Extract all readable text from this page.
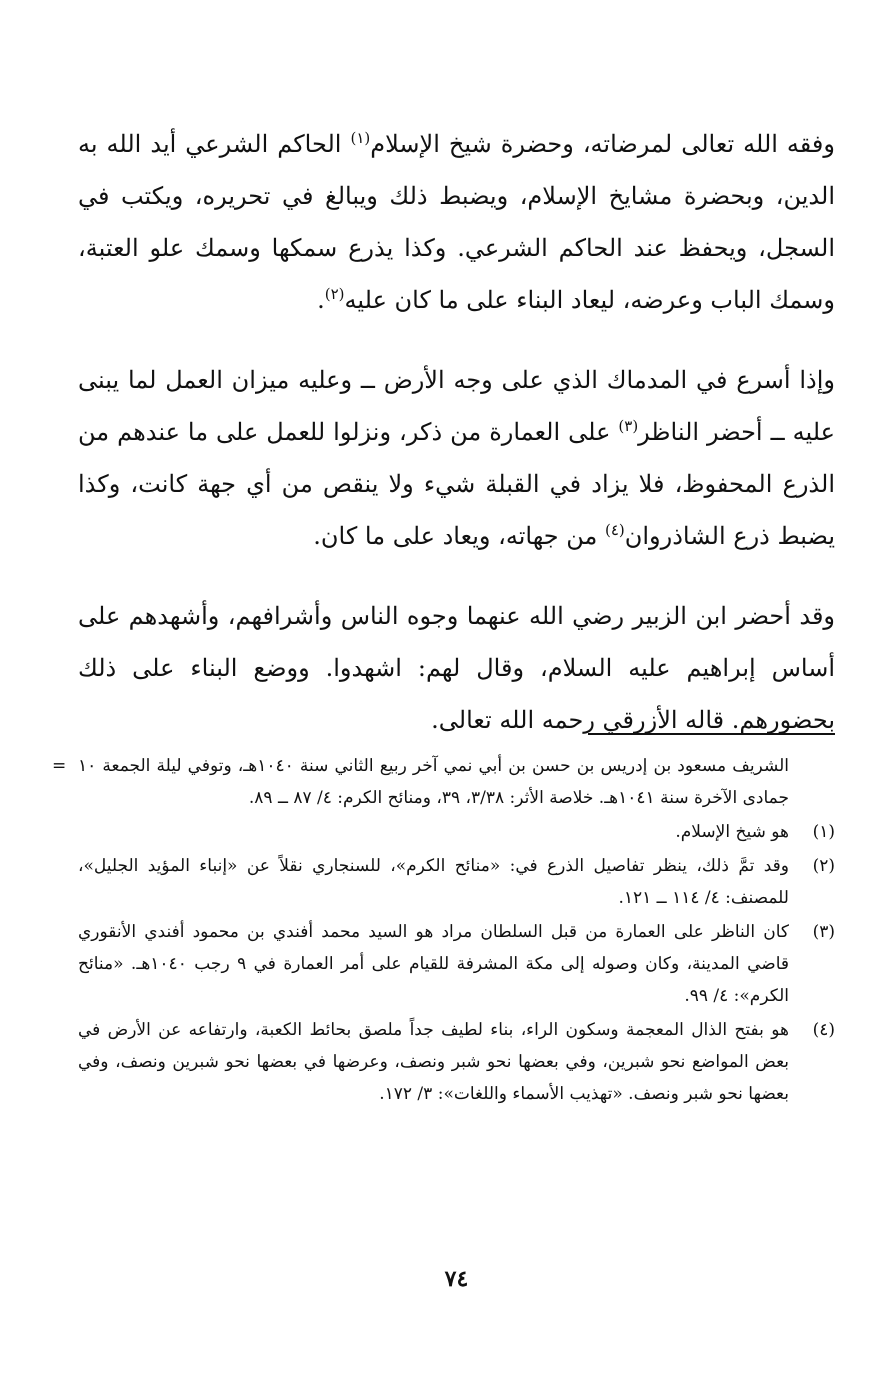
وفقه الله تعالى لمرضاته، وحضرة شيخ الإسلام$^{(١)}$ الحاكم الشرعي أيد الله به الدين، وبحضرة مشايخ الإسلام، ويضبط ذلك ويبالغ في تحريره، ويكتب في السجل، ويحفظ عند الحاكم الشرعي. وكذا يذرع سمكها وسمك علو العتبة، وسمك الباب وعرضه، ليعاد البناء على ما كان عليه$^{(٢)}$.

وإذا أسرع في المدماك الذي على وجه الأرض ــ وعليه ميزان العمل لما يبنى عليه ــ أحضر الناظر$^{(٣)}$ على العمارة من ذكر، ونزلوا للعمل على ما عندهم من الذرع المحفوظ، فلا يزاد في القبلة شيء ولا ينقص من أي جهة كانت، وكذا يضبط ذرع الشاذروان$^{(٤)}$ من جهاته، ويعاد على ما كان.

وقد أحضر ابن الزبير رضي الله عنهما وجوه الناس وأشرافهم، وأشهدهم على أساس إبراهيم عليه السلام، وقال لهم: اشهدوا. ووضع البناء على ذلك بحضورهم. قاله الأزرقي رحمه الله تعالى.

= الشريف مسعود بن إدريس بن حسن بن أبي نمي آخر ربيع الثاني سنة ١٠٤٠هـ، وتوفي ليلة الجمعة ١٠ جمادى الآخرة سنة ١٠٤١هـ. خلاصة الأثر: ٣/٣٨، ٣٩، ومنائح الكرم: ٤/ ٨٧ ــ ٨٩.

(١)
هو شيخ الإسلام.

(٢)
وقد تمَّ ذلك، ينظر تفاصيل الذرع في: «منائح الكرم»، للسنجاري نقلاً عن «إنباء المؤيد الجليل»، للمصنف: ٤/ ١١٤ ــ ١٢١.

(٣)
كان الناظر على العمارة من قبل السلطان مراد هو السيد محمد أفندي بن محمود أفندي الأنقوري قاضي المدينة، وكان وصوله إلى مكة المشرفة للقيام على أمر العمارة في ٩ رجب ١٠٤٠هـ. «منائح الكرم»: ٤/ ٩٩.

(٤)
هو بفتح الذال المعجمة وسكون الراء، بناء لطيف جداً ملصق بحائط الكعبة، وارتفاعه عن الأرض في بعض المواضع نحو شبرين، وفي بعضها نحو شبر ونصف، وعرضها في بعضها نحو شبرين ونصف، وفي بعضها نحو شبر ونصف. «تهذيب الأسماء واللغات»: ٣/ ١٧٢.

٧٤
